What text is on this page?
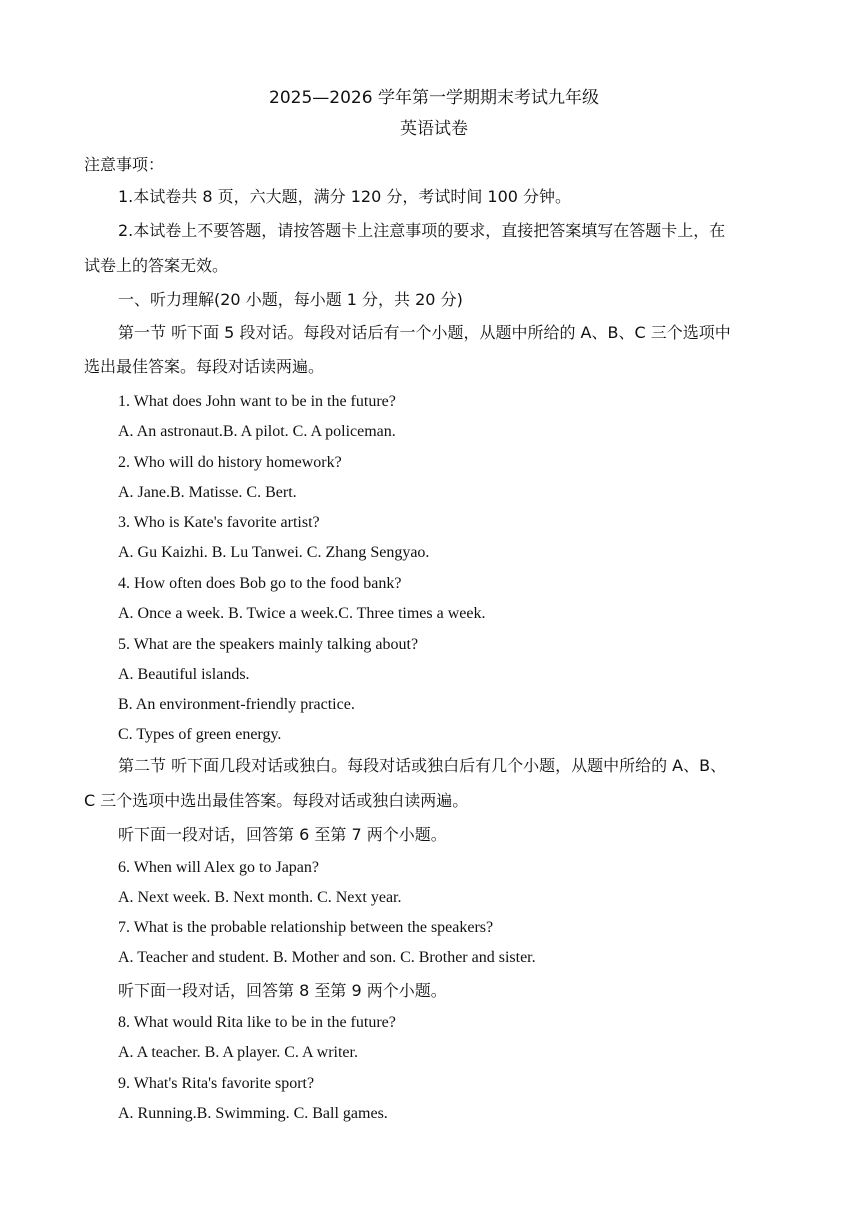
2025—2026 学年第一学期期末考试九年级
英语试卷
注意事项：
1.本试卷共 8 页，六大题，满分 120 分，考试时间 100 分钟。
2.本试卷上不要答题，请按答题卡上注意事项的要求，直接把答案填写在答题卡上，在
试卷上的答案无效。
一、听力理解(20 小题，每小题 1 分，共 20 分)
第一节 听下面 5 段对话。每段对话后有一个小题，从题中所给的 A、B、C 三个选项中
选出最佳答案。每段对话读两遍。
1. What does John want to be in the future?
A. An astronaut.B. A pilot. C. A policeman.
2. Who will do history homework?
A. Jane.B. Matisse. C. Bert.
3. Who is Kate's favorite artist?
A. Gu Kaizhi. B. Lu Tanwei. C. Zhang Sengyao.
4. How often does Bob go to the food bank?
A. Once a week. B. Twice a week.C. Three times a week.
5. What are the speakers mainly talking about?
A. Beautiful islands.
B. An environment-friendly practice.
C. Types of green energy.
第二节 听下面几段对话或独白。每段对话或独白后有几个小题，从题中所给的 A、B、
C 三个选项中选出最佳答案。每段对话或独白读两遍。
听下面一段对话，回答第 6 至第 7 两个小题。
6. When will Alex go to Japan?
A. Next week. B. Next month. C. Next year.
7. What is the probable relationship between the speakers?
A. Teacher and student. B. Mother and son. C. Brother and sister.
听下面一段对话，回答第 8 至第 9 两个小题。
8. What would Rita like to be in the future?
A. A teacher. B. A player. C. A writer.
9. What's Rita's favorite sport?
A. Running.B. Swimming. C. Ball games.
